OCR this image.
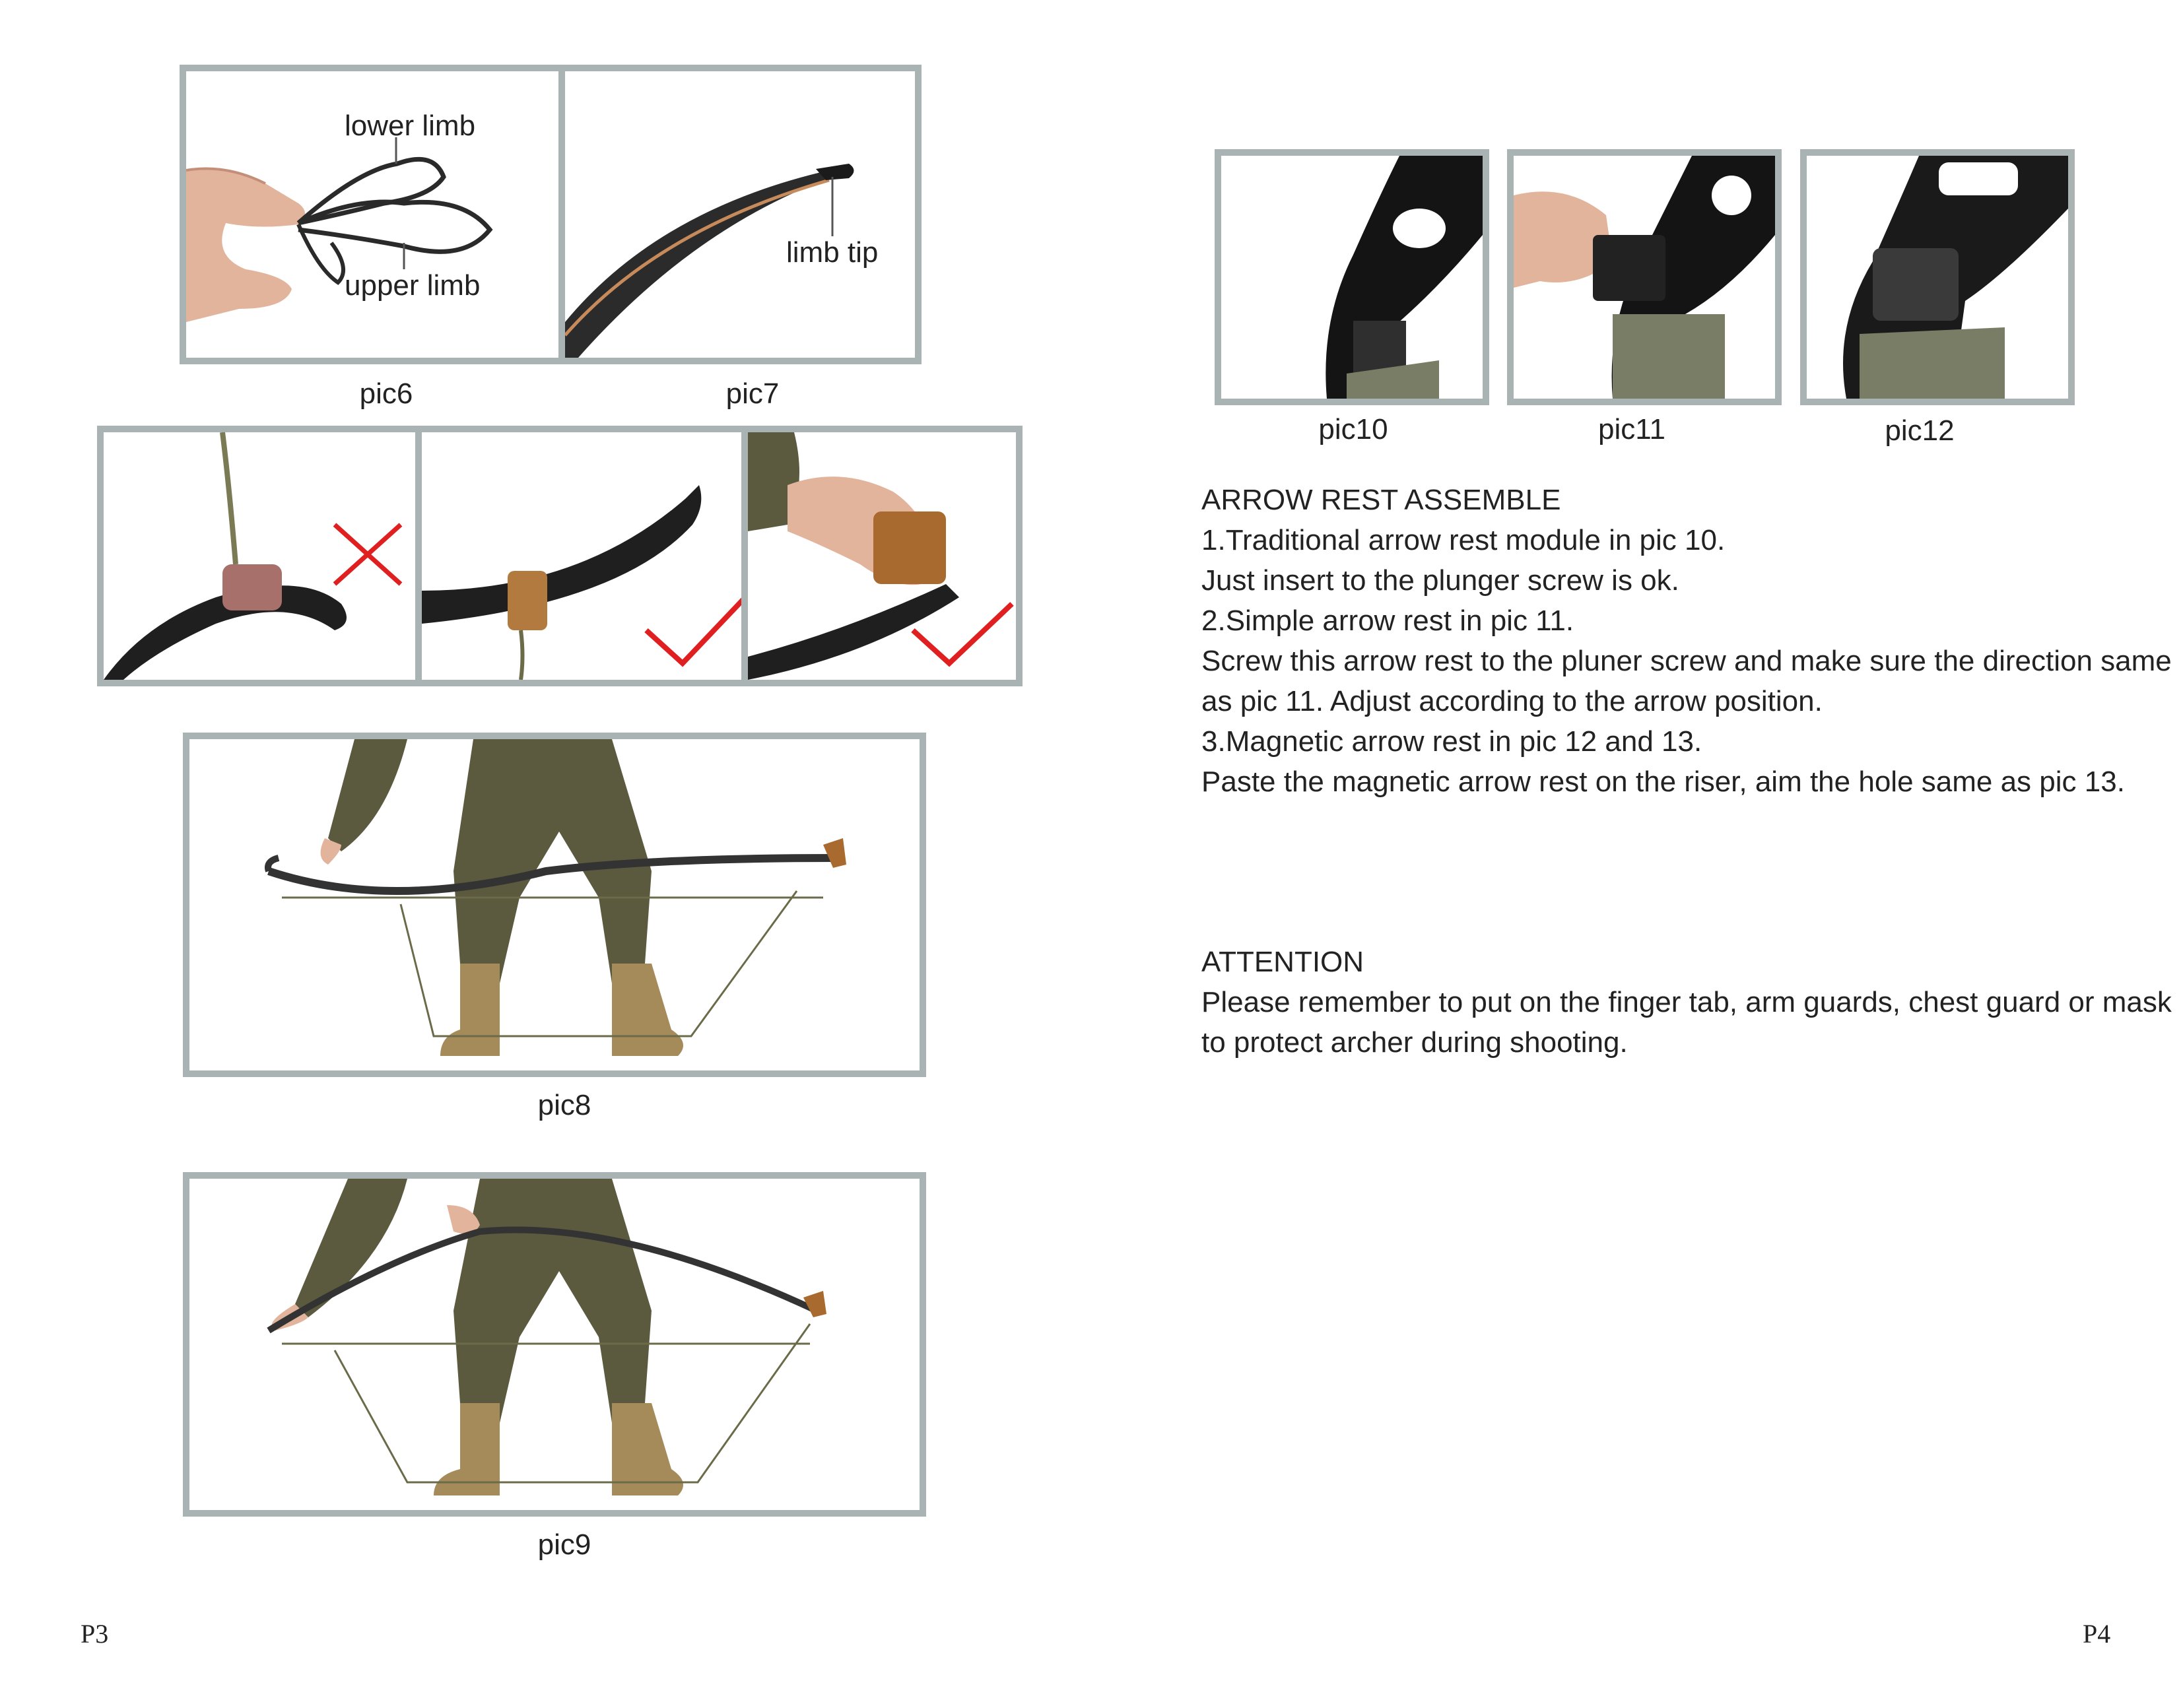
lower limb
upper limb
limb tip
pic6	pic7
pic8
pic9
P3
pic10	pic11	pic12
ARROW REST ASSEMBLE
1.Traditional arrow rest module in pic 10.
Just insert to the plunger screw is ok.
2.Simple arrow rest in pic 11.
Screw this arrow rest to the pluner screw and make sure the direction same
as pic 11. Adjust according to the arrow position.
3.Magnetic arrow rest in pic 12 and 13.
Paste the magnetic arrow rest on the riser, aim the hole same as pic 13.
ATTENTION
Please remember to put on the finger tab, arm guards, chest guard or mask
to protect archer during shooting.
P4
